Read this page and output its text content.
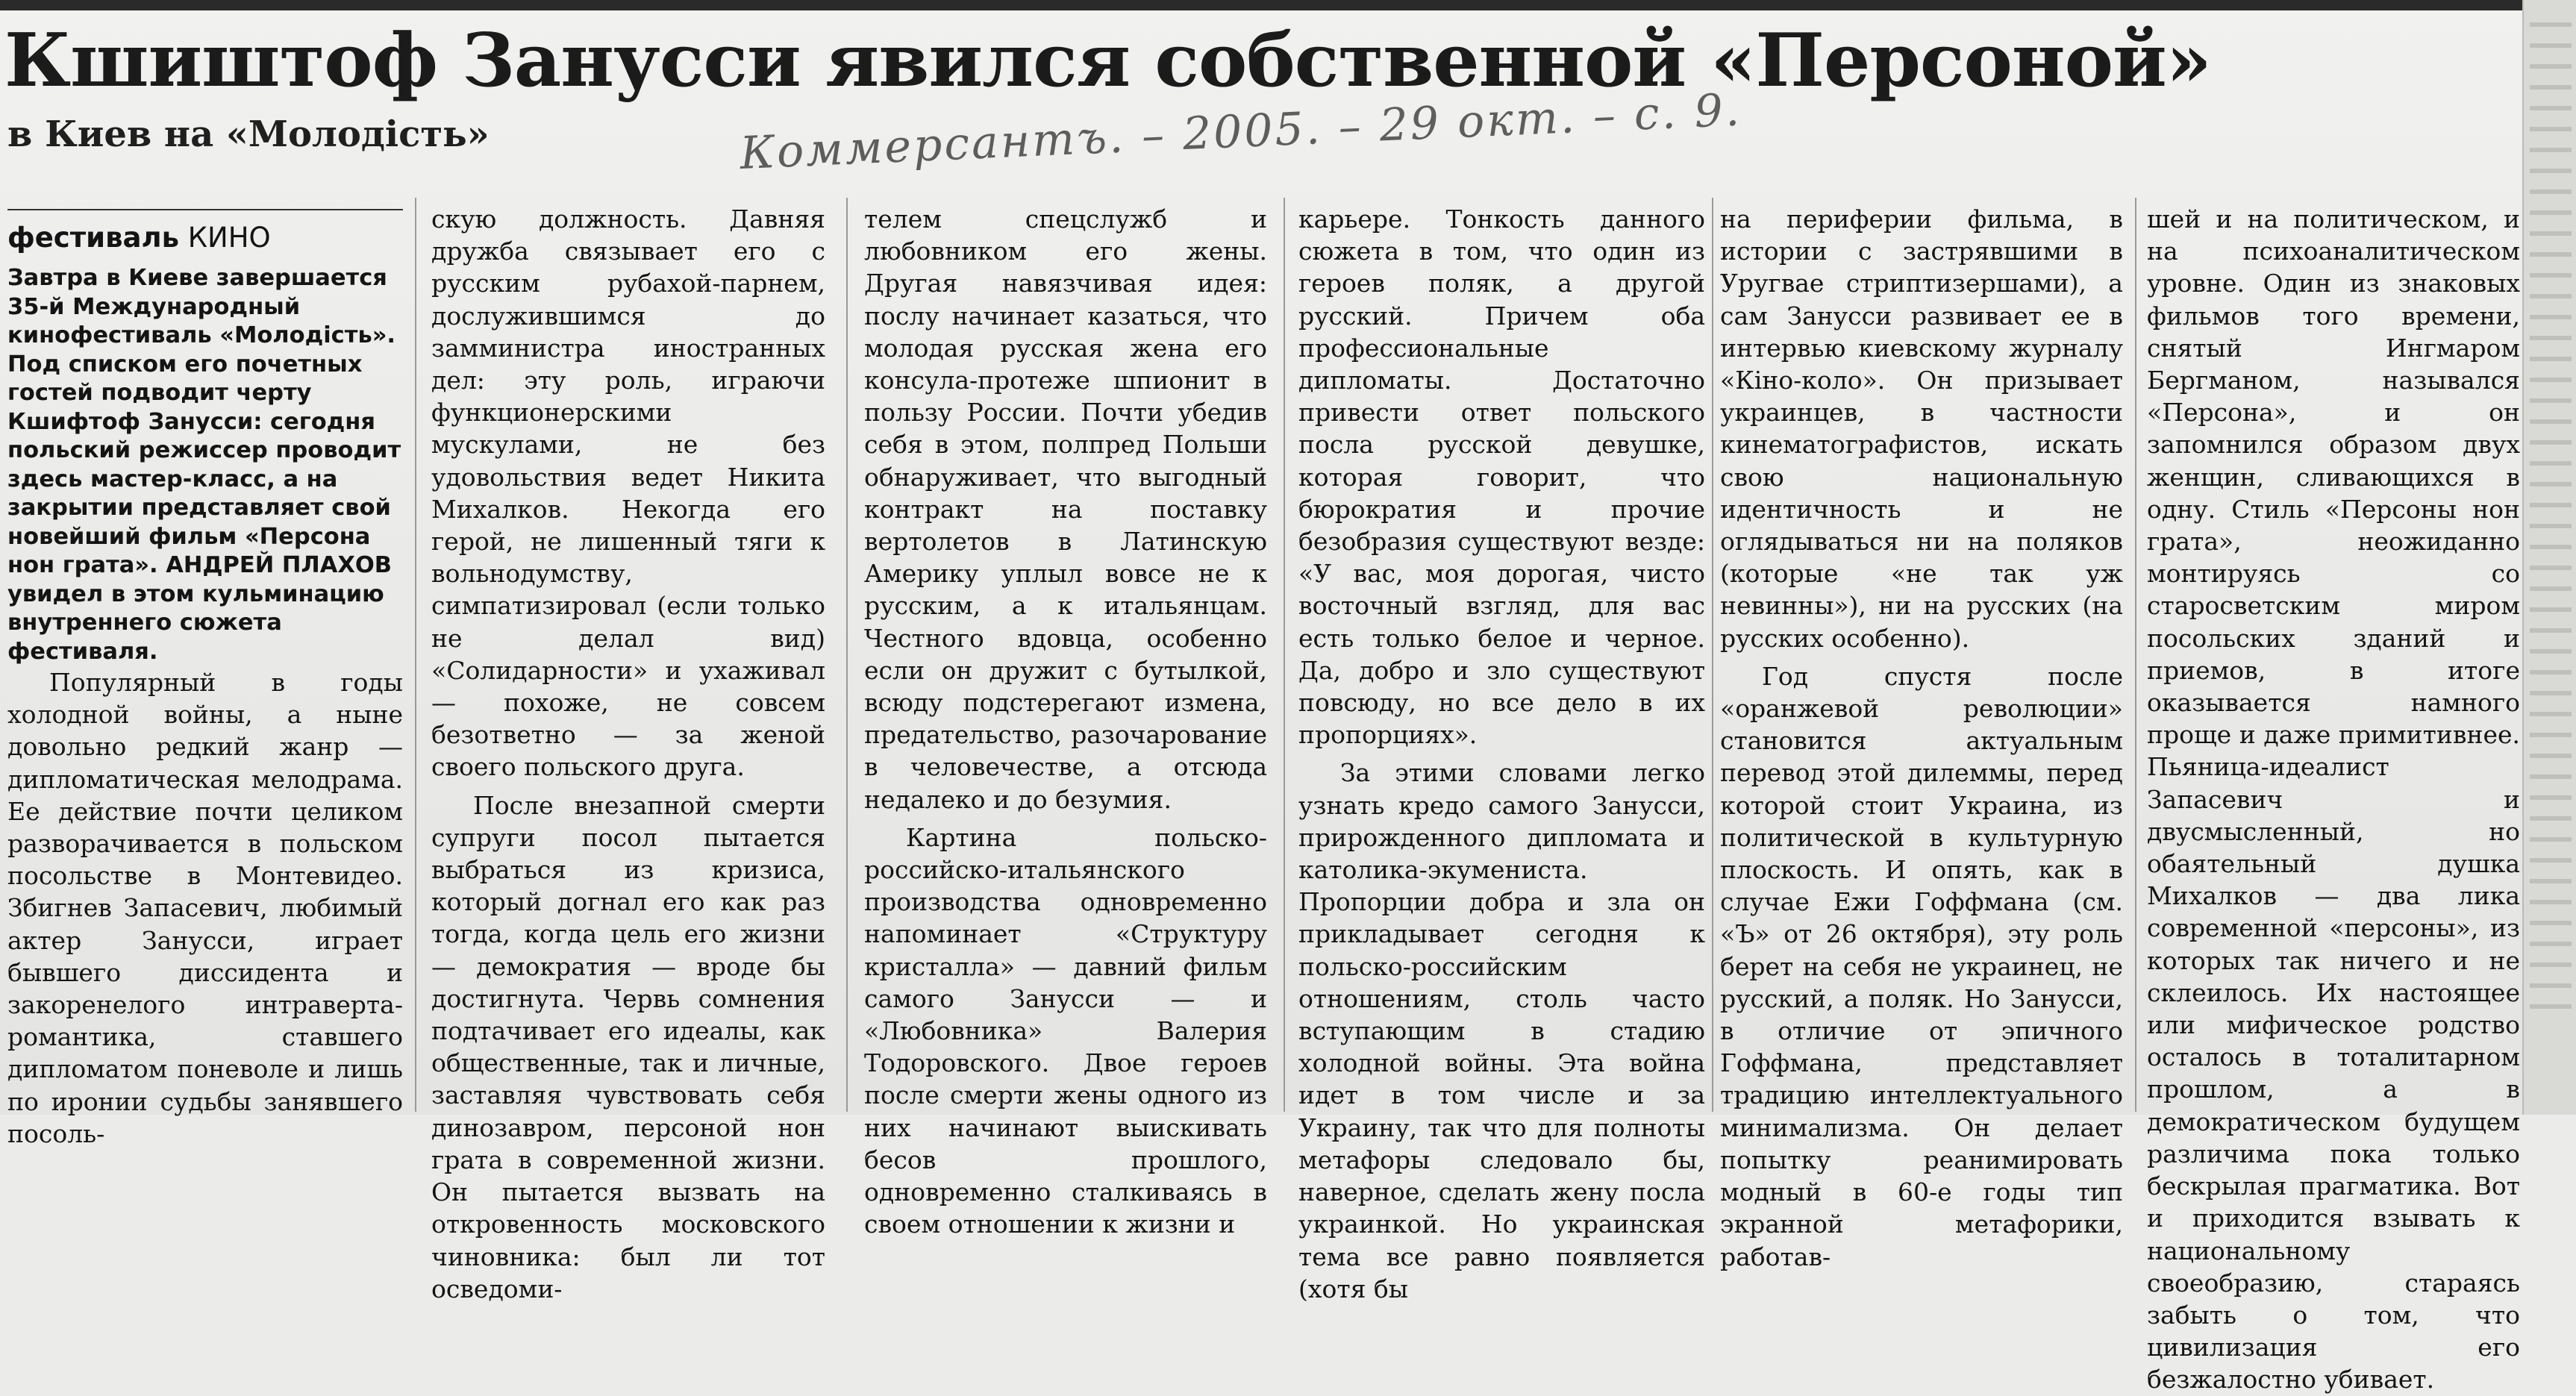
Кшиштоф Занусси явился собственной «Персоной»
в Киев на «Молодість»	Коммерсантъ. – 2005. – 29 окт. – с. 9.
фестиваль КИНО

Завтра в Киеве завершается 35-й Международный кинофестиваль «Молодість». Под списком его почетных гостей подводит черту Кшифтоф Занусси: сегодня польский режиссер проводит здесь мастер-класс, а на закрытии представляет свой новейший фильм «Персона нон грата». АНДРЕЙ ПЛАХОВ увидел в этом кульминацию внутреннего сюжета фестиваля.

Популярный в годы холодной войны, а ныне довольно редкий жанр — дипломатическая мелодрама. Ее действие почти целиком разворачивается в польском посольстве в Монтевидео. Збигнев Запасевич, любимый актер Занусси, играет бывшего диссидента и закоренелого интраверта-романтика, ставшего дипломатом поневоле и лишь по иронии судьбы занявшего посоль-

скую должность. Давняя дружба связывает его с русским рубахой-парнем, дослужившимся до замминистра иностранных дел: эту роль, играючи функционерскими мускулами, не без удовольствия ведет Никита Михалков. Некогда его герой, не лишенный тяги к вольнодумству, симпатизировал (если только не делал вид) «Солидарности» и ухаживал — похоже, не совсем безответно — за женой своего польского друга.

После внезапной смерти супруги посол пытается выбраться из кризиса, который догнал его как раз тогда, когда цель его жизни — демократия — вроде бы достигнута. Червь сомнения подтачивает его идеалы, как общественные, так и личные, заставляя чувствовать себя динозавром, персоной нон грата в современной жизни. Он пытается вызвать на откровенность московского чиновника: был ли тот осведоми-

телем спецслужб и любовником его жены. Другая навязчивая идея: послу начинает казаться, что молодая русская жена его консула-протеже шпионит в пользу России. Почти убедив себя в этом, полпред Польши обнаруживает, что выгодный контракт на поставку вертолетов в Латинскую Америку уплыл вовсе не к русским, а к итальянцам. Честного вдовца, особенно если он дружит с бутылкой, всюду подстерегают измена, предательство, разочарование в человечестве, а отсюда недалеко и до безумия.

Картина польско-российско-итальянского производства одновременно напоминает «Структуру кристалла» — давний фильм самого Занусси — и «Любовника» Валерия Тодоровского. Двое героев после смерти жены одного из них начинают выискивать бесов прошлого, одновременно сталкиваясь в своем отношении к жизни и

карьере. Тонкость данного сюжета в том, что один из героев поляк, а другой русский. Причем оба профессиональные дипломаты. Достаточно привести ответ польского посла русской девушке, которая говорит, что бюрократия и прочие безобразия существуют везде: «У вас, моя дорогая, чисто восточный взгляд, для вас есть только белое и черное. Да, добро и зло существуют повсюду, но все дело в их пропорциях».

За этими словами легко узнать кредо самого Занусси, прирожденного дипломата и католика-экумениста. Пропорции добра и зла он прикладывает сегодня к польско-российским отношениям, столь часто вступающим в стадию холодной войны. Эта война идет в том числе и за Украину, так что для полноты метафоры следовало бы, наверное, сделать жену посла украинкой. Но украинская тема все равно появляется (хотя бы

на периферии фильма, в истории с застрявшими в Уругвае стриптизершами), а сам Занусси развивает ее в интервью киевскому журналу «Кіно-коло». Он призывает украинцев, в частности кинематографистов, искать свою национальную идентичность и не оглядываться ни на поляков (которые «не так уж невинны»), ни на русских (на русских особенно).

Год спустя после «оранжевой революции» становится актуальным перевод этой дилеммы, перед которой стоит Украина, из политической в культурную плоскость. И опять, как в случае Ежи Гоффмана (см. «Ъ» от 26 октября), эту роль берет на себя не украинец, не русский, а поляк. Но Занусси, в отличие от эпичного Гоффмана, представляет традицию интеллектуального минимализма. Он делает попытку реанимировать модный в 60-е годы тип экранной метафорики, работав-

шей и на политическом, и на психоаналитическом уровне. Один из знаковых фильмов того времени, снятый Ингмаром Бергманом, назывался «Персона», и он запомнился образом двух женщин, сливающихся в одну. Стиль «Персоны нон грата», неожиданно монтируясь со старосветским миром посольских зданий и приемов, в итоге оказывается намного проще и даже примитивнее. Пьяница-идеалист Запасевич и двусмысленный, но обаятельный душка Михалков — два лика современной «персоны», из которых так ничего и не склеилось. Их настоящее или мифическое родство осталось в тоталитарном прошлом, а в демократическом будущем различима пока только бескрылая прагматика. Вот и приходится взывать к национальному своеобразию, стараясь забыть о том, что цивилизация его безжалостно убивает.
